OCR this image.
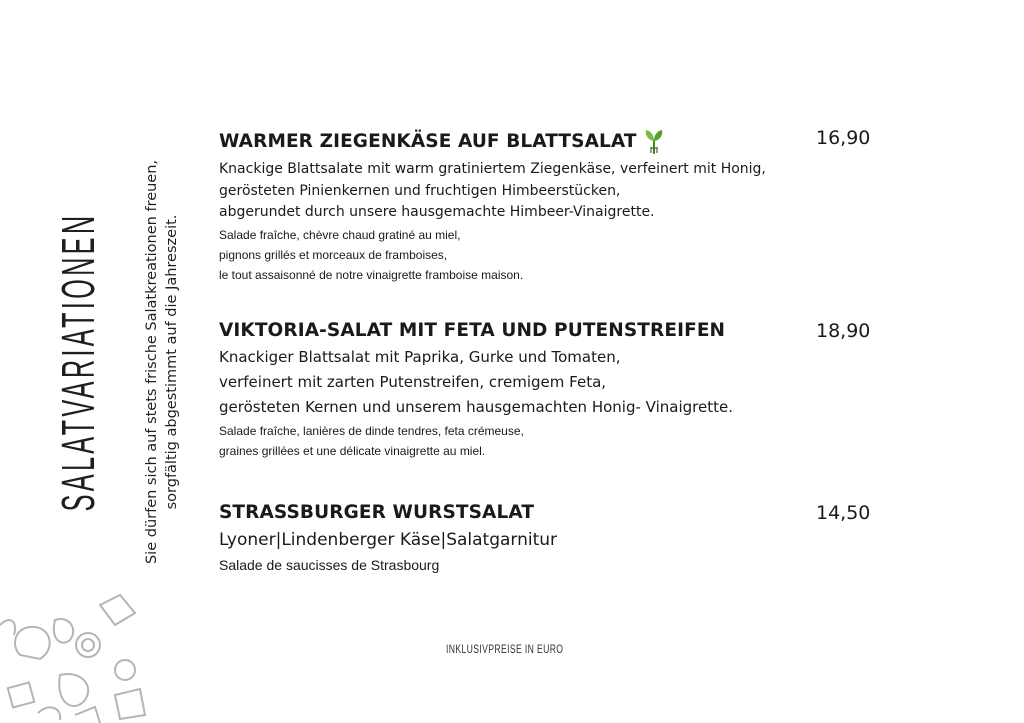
SALATVARIATIONEN	Sie dürfen sich auf stets frische Salatkreationen freuen, sorgfältig abgestimmt auf die Jahreszeit.
WARMER ZIEGENKÄSE AUF BLATTSALAT	16,90
Knackige Blattsalate mit warm gratiniertem Ziegenkäse, verfeinert mit Honig,
gerösteten Pinienkernen und fruchtigen Himbeerstücken,
abgerundet durch unsere hausgemachte Himbeer-Vinaigrette.
Salade fraîche, chèvre chaud gratiné au miel,
pignons grillés et morceaux de framboises,
le tout assaisonné de notre vinaigrette framboise maison.
VIKTORIA-SALAT MIT FETA UND PUTENSTREIFEN	18,90
Knackiger Blattsalat mit Paprika, Gurke und Tomaten,
verfeinert mit zarten Putenstreifen, cremigem Feta,
gerösteten Kernen und unserem hausgemachten Honig- Vinaigrette.
Salade fraîche, lanières de dinde tendres, feta crémeuse,
graines grillées et une délicate vinaigrette au miel.
STRASSBURGER WURSTSALAT	14,50
Lyoner|Lindenberger Käse|Salatgarnitur
Salade de saucisses de Strasbourg
INKLUSIVPREISE IN EURO
